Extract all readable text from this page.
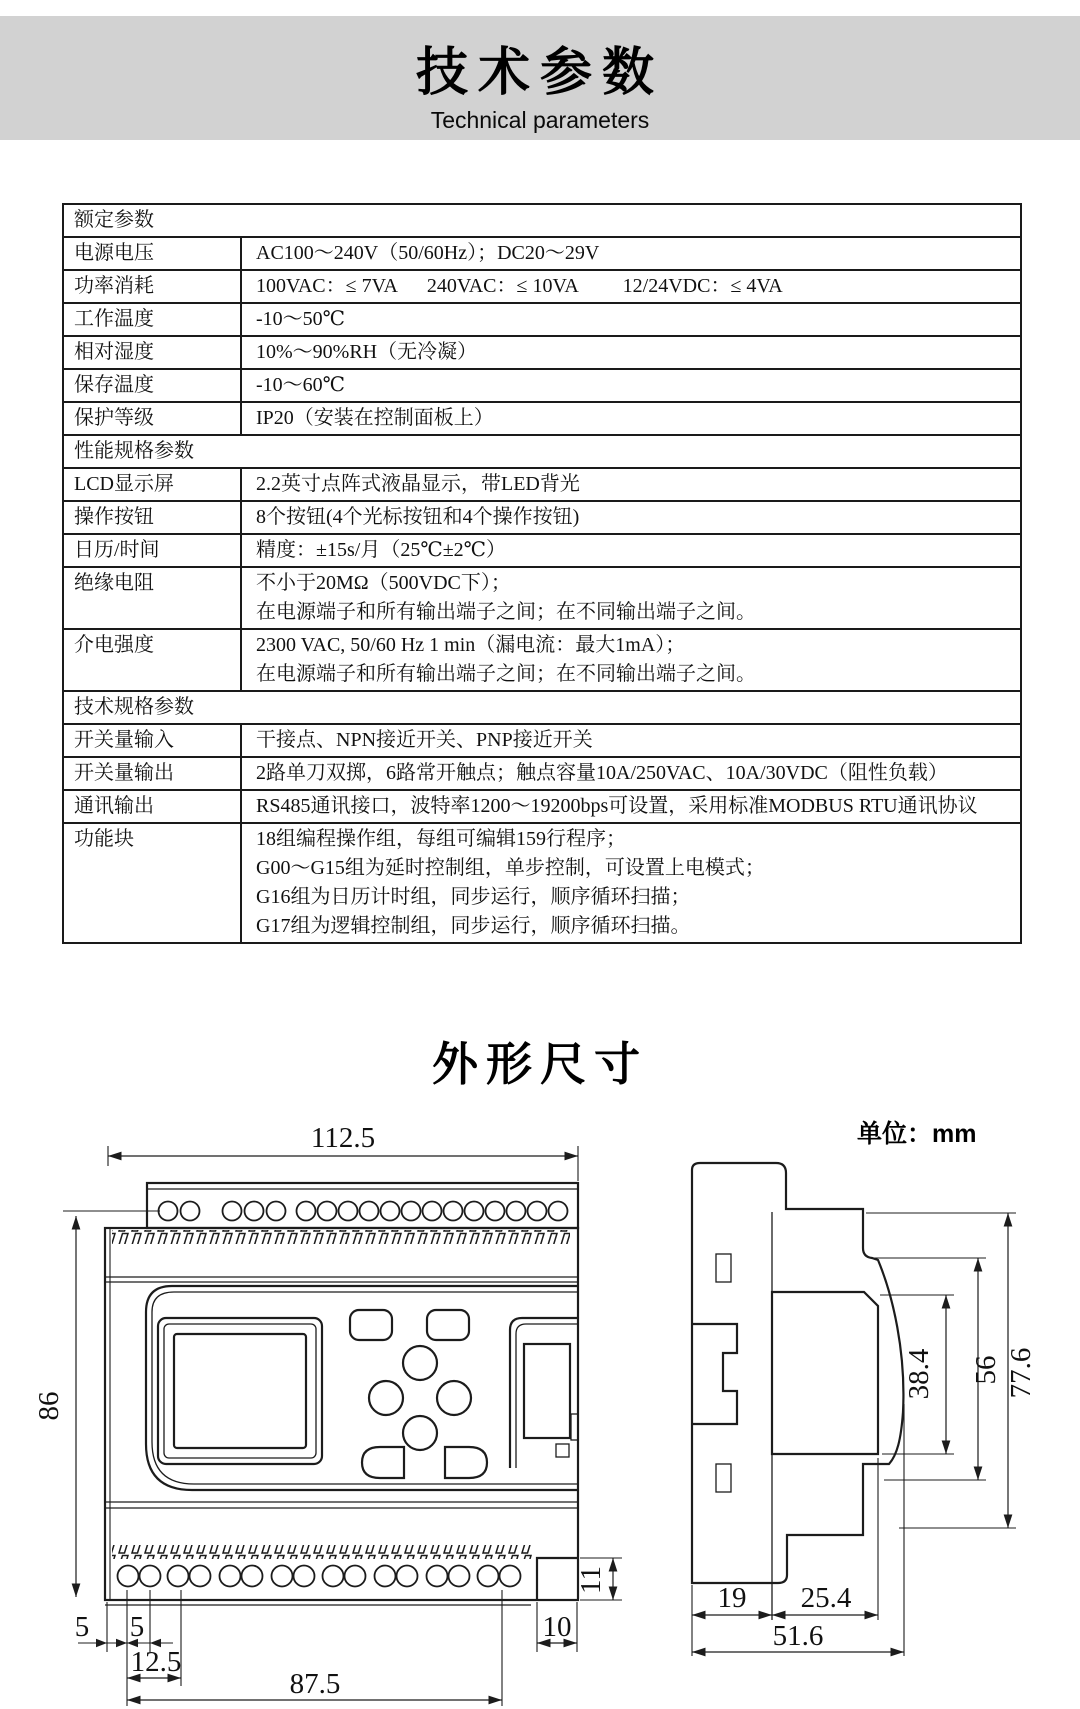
技术参数
Technical parameters
额定参数
电源电压	AC100～240V（50/60Hz）；DC20～29V
功率消耗	100VAC：≤ 7VA      240VAC：≤ 10VA         12/24VDC：≤ 4VA
工作温度	-10～50℃
相对湿度	10%～90%RH（无冷凝）
保存温度	-10～60℃
保护等级	IP20（安装在控制面板上）
性能规格参数
LCD显示屏	2.2英寸点阵式液晶显示，带LED背光
操作按钮	8个按钮(4个光标按钮和4个操作按钮)
日历/时间	精度：±15s/月（25℃±2℃）
绝缘电阻	不小于20MΩ（500VDC下）；
在电源端子和所有输出端子之间；在不同输出端子之间。
介电强度	2300 VAC, 50/60 Hz 1 min（漏电流：最大1mA）；
在电源端子和所有输出端子之间；在不同输出端子之间。
技术规格参数
开关量输入	干接点、NPN接近开关、PNP接近开关
开关量输出	2路单刀双掷，6路常开触点；触点容量10A/250VAC、10A/30VDC（阻性负载）
通讯输出	RS485通讯接口，波特率1200～19200bps可设置，采用标准MODBUS RTU通讯协议
功能块	18组编程操作组，每组可编辑159行程序；
G00～G15组为延时控制组，单步控制，可设置上电模式；
G16组为日历计时组，同步运行，顺序循环扫描；
G17组为逻辑控制组，同步运行，顺序循环扫描。
外形尺寸
112.5
86
5 5
12.5
87.5
10
11
38.4 56 77.6
19 25.4
51.6
单位：mm
